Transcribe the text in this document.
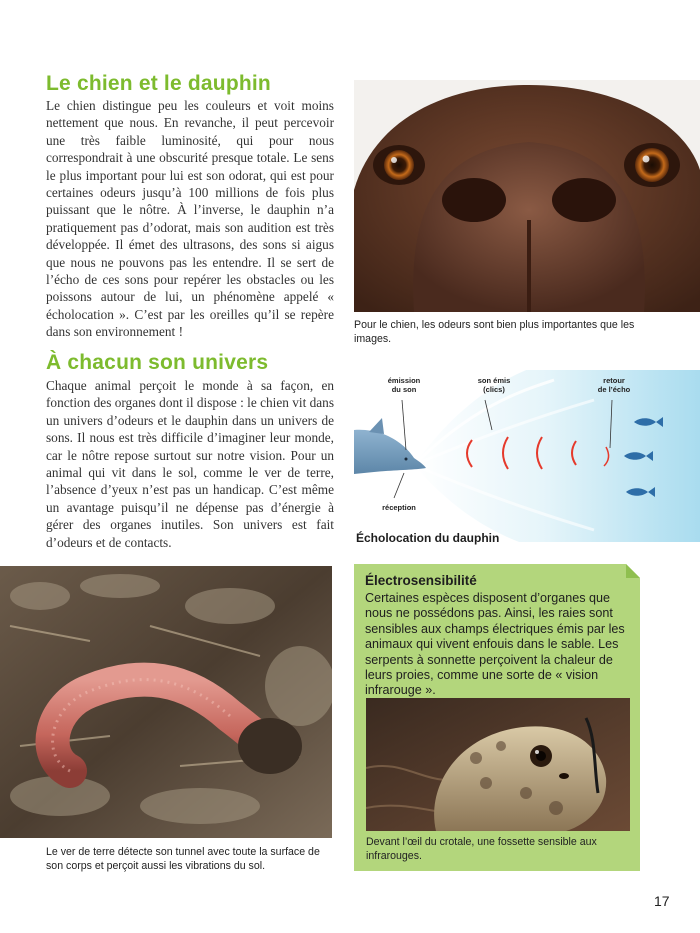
Le chien et le dauphin

Le chien distingue peu les couleurs et voit moins nettement que nous. En revanche, il peut percevoir une très faible luminosité, qui pour nous correspondrait à une obscurité presque totale. Le sens le plus important pour lui est son odorat, qui est pour certaines odeurs jusqu’à 100 millions de fois plus puissant que le nôtre. À l’inverse, le dauphin n’a pratiquement pas d’odorat, mais son audition est très développée. Il émet des ultrasons, des sons si aigus que nous ne pouvons pas les entendre. Il se sert de l’écho de ces sons pour repérer les obstacles ou les poissons autour de lui, un phénomène appelé « écholocation ». C’est par les oreilles qu’il se repère dans son environnement !	Pour le chien, les odeurs sont bien plus importantes que les images.

À chacun son univers

Chaque animal perçoit le monde à sa façon, en fonction des organes dont il dispose : le chien vit dans un univers d’odeurs et le dauphin dans un univers de sons. Il nous est très difficile d’imaginer leur monde, car le nôtre repose surtout sur notre vision. Pour un animal qui vit dans le sol, comme le ver de terre, l’absence d’yeux n’est pas un handicap. C’est même un avantage puisqu’il ne dépense pas d’énergie à gérer des organes inutiles. Son univers est fait d’odeurs et de contacts.

émission
du son
son émis
(clics)
retour
de l’écho
réception
Écholocation du dauphin

Le ver de terre détecte son tunnel avec toute la surface de son corps et perçoit aussi les vibrations du sol.

Électrosensibilité

Certaines espèces disposent d’organes que nous ne possédons pas. Ainsi, les raies sont sensibles aux champs électriques émis par les animaux qui vivent enfouis dans le sable. Les serpents à sonnette perçoivent la chaleur de leurs proies, comme une sorte de « vision infrarouge ».

Devant l’œil du crotale, une fossette sensible aux infrarouges.

17
